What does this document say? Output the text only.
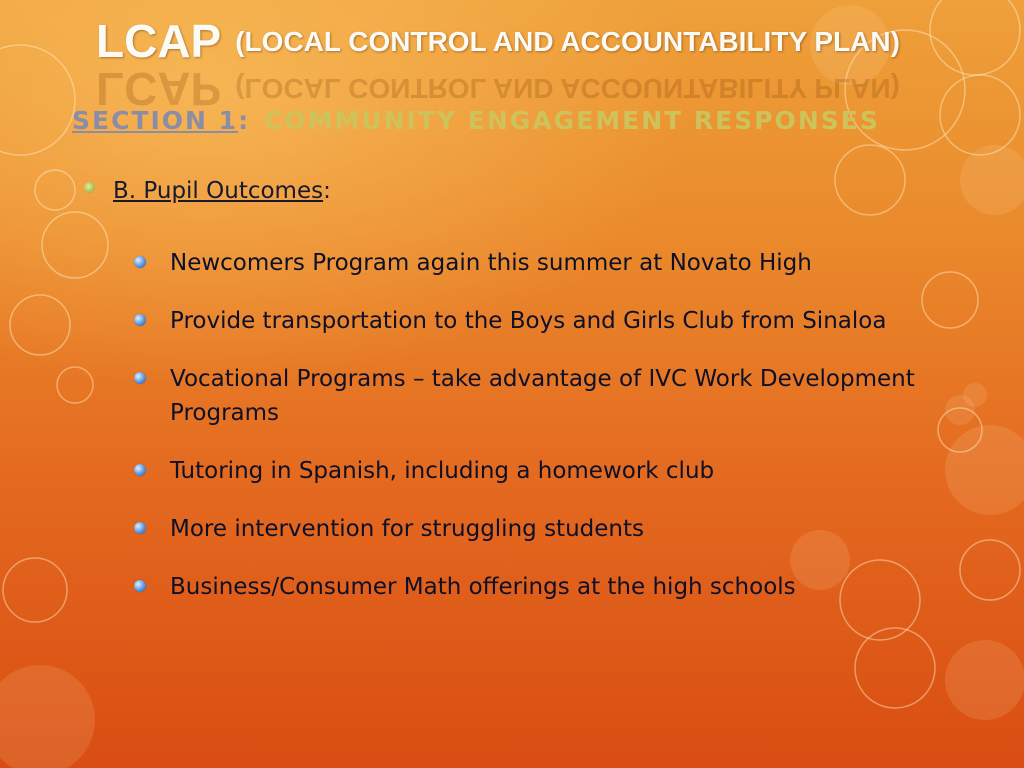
LCAP (LOCAL CONTROL AND ACCOUNTABILITY PLAN)
LCAP (LOCAL CONTROL AND ACCOUNTABILITY PLAN)
SECTION 1: COMMUNITY ENGAGEMENT RESPONSES
B. Pupil Outcomes:
Newcomers Program again this summer at Novato High
Provide transportation to the Boys and Girls Club from Sinaloa
Vocational Programs – take advantage of IVC Work Development Programs
Tutoring in Spanish, including a homework club
More intervention for struggling students
Business/Consumer Math offerings at the high schools
